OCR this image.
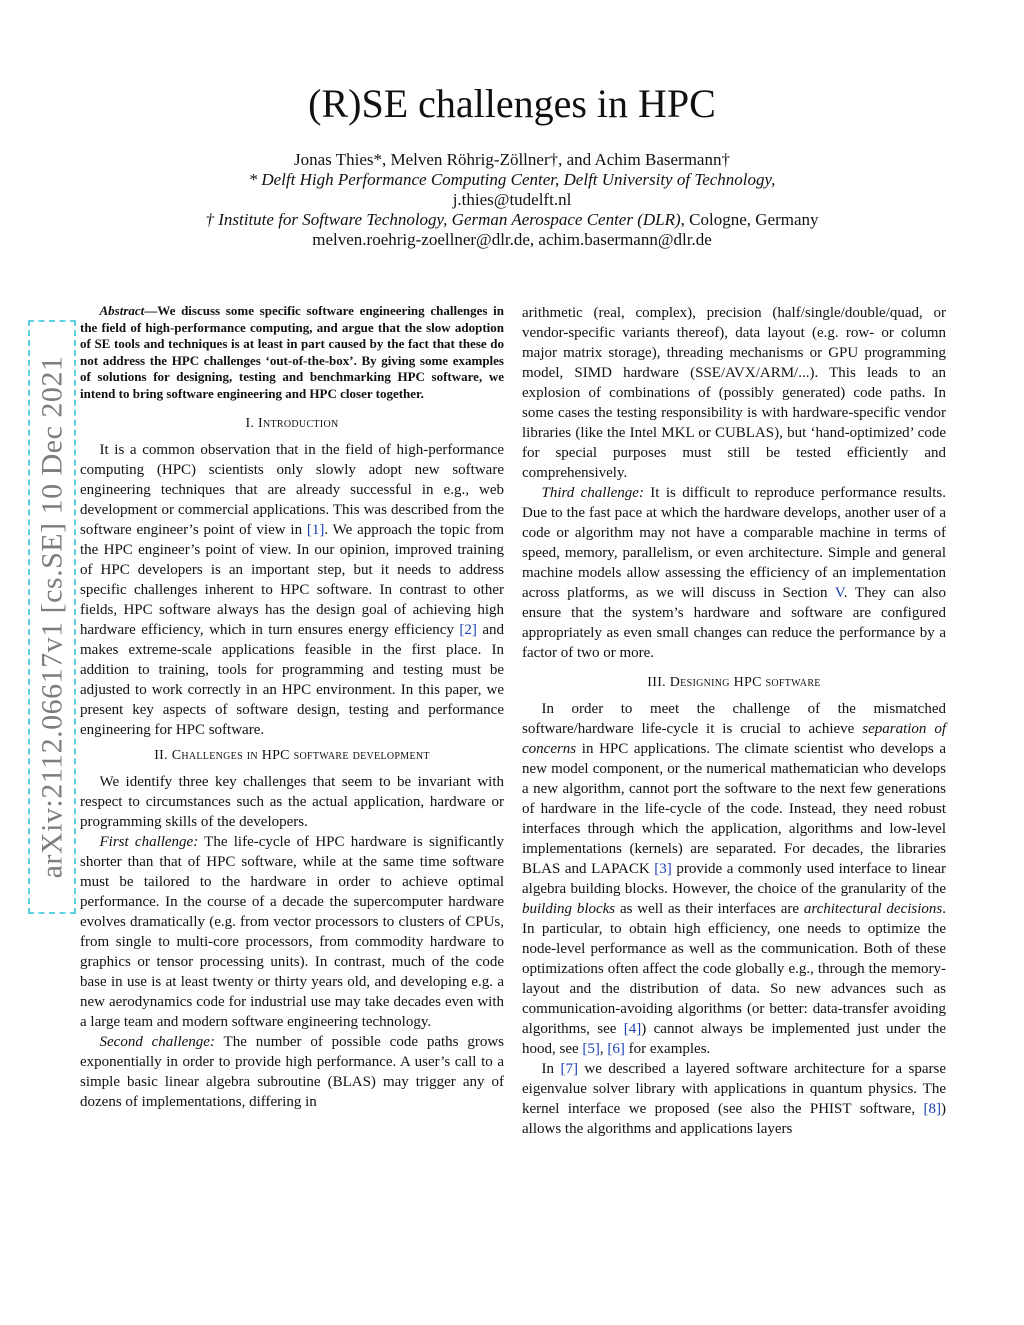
arXiv:2112.06617v1 [cs.SE] 10 Dec 2021
(R)SE challenges in HPC
Jonas Thies*, Melven Röhrig-Zöllner†, and Achim Basermann†
* Delft High Performance Computing Center, Delft University of Technology,
j.thies@tudelft.nl
† Institute for Software Technology, German Aerospace Center (DLR), Cologne, Germany
melven.roehrig-zoellner@dlr.de, achim.basermann@dlr.de

Abstract—We discuss some specific software engineering challenges in the field of high-performance computing, and argue that the slow adoption of SE tools and techniques is at least in part caused by the fact that these do not address the HPC challenges ‘out-of-the-box’. By giving some examples of solutions for designing, testing and benchmarking HPC software, we intend to bring software engineering and HPC closer together.

I. Introduction

It is a common observation that in the field of high-performance computing (HPC) scientists only slowly adopt new software engineering techniques that are already successful in e.g., web development or commercial applications. This was described from the software engineer’s point of view in [1]. We approach the topic from the HPC engineer’s point of view. In our opinion, improved training of HPC developers is an important step, but it needs to address specific challenges inherent to HPC software. In contrast to other fields, HPC software always has the design goal of achieving high hardware efficiency, which in turn ensures energy efficiency [2] and makes extreme-scale applications feasible in the first place. In addition to training, tools for programming and testing must be adjusted to work correctly in an HPC environment. In this paper, we present key aspects of software design, testing and performance engineering for HPC software.

II. Challenges in HPC software development

We identify three key challenges that seem to be invariant with respect to circumstances such as the actual application, hardware or programming skills of the developers.

First challenge: The life-cycle of HPC hardware is significantly shorter than that of HPC software, while at the same time software must be tailored to the hardware in order to achieve optimal performance. In the course of a decade the supercomputer hardware evolves dramatically (e.g. from vector processors to clusters of CPUs, from single to multi-core processors, from commodity hardware to graphics or tensor processing units). In contrast, much of the code base in use is at least twenty or thirty years old, and developing e.g. a new aerodynamics code for industrial use may take decades even with a large team and modern software engineering technology.

Second challenge: The number of possible code paths grows exponentially in order to provide high performance. A user’s call to a simple basic linear algebra subroutine (BLAS) may trigger any of dozens of implementations, differing in

arithmetic (real, complex), precision (half/single/double/quad, or vendor-specific variants thereof), data layout (e.g. row- or column major matrix storage), threading mechanisms or GPU programming model, SIMD hardware (SSE/AVX/ARM/...). This leads to an explosion of combinations of (possibly generated) code paths. In some cases the testing responsibility is with hardware-specific vendor libraries (like the Intel MKL or CUBLAS), but ‘hand-optimized’ code for special purposes must still be tested efficiently and comprehensively.

Third challenge: It is difficult to reproduce performance results. Due to the fast pace at which the hardware develops, another user of a code or algorithm may not have a comparable machine in terms of speed, memory, parallelism, or even architecture. Simple and general machine models allow assessing the efficiency of an implementation across platforms, as we will discuss in Section V. They can also ensure that the system’s hardware and software are configured appropriately as even small changes can reduce the performance by a factor of two or more.

III. Designing HPC software

In order to meet the challenge of the mismatched software/hardware life-cycle it is crucial to achieve separation of concerns in HPC applications. The climate scientist who develops a new model component, or the numerical mathematician who develops a new algorithm, cannot port the software to the next few generations of hardware in the life-cycle of the code. Instead, they need robust interfaces through which the application, algorithms and low-level implementations (kernels) are separated. For decades, the libraries BLAS and LAPACK [3] provide a commonly used interface to linear algebra building blocks. However, the choice of the granularity of the building blocks as well as their interfaces are architectural decisions. In particular, to obtain high efficiency, one needs to optimize the node-level performance as well as the communication. Both of these optimizations often affect the code globally e.g., through the memory-layout and the distribution of data. So new advances such as communication-avoiding algorithms (or better: data-transfer avoiding algorithms, see [4]) cannot always be implemented just under the hood, see [5], [6] for examples.

In [7] we described a layered software architecture for a sparse eigenvalue solver library with applications in quantum physics. The kernel interface we proposed (see also the PHIST software, [8]) allows the algorithms and applications layers
